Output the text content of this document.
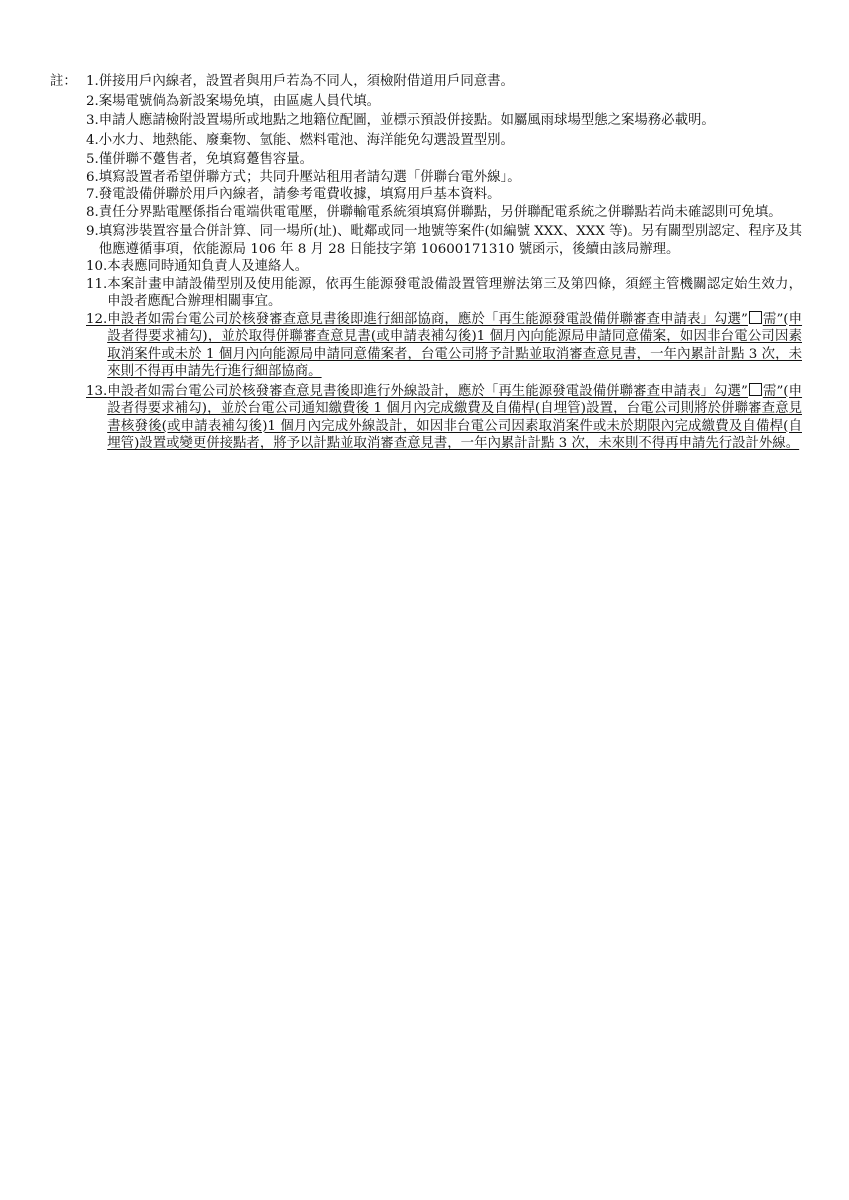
註： 1. 併接用戶內線者，設置者與用戶若為不同人，須檢附借道用戶同意書。
2. 案場電號倘為新設案場免填，由區處人員代填。
3. 申請人應請檢附設置場所或地點之地籍位配圖，並標示預設併接點。如屬風雨球場型態之案場務必載明。
4. 小水力、地熱能、廢棄物、氫能、燃料電池、海洋能免勾選設置型別。
5. 僅併聯不躉售者，免填寫躉售容量。
6. 填寫設置者希望併聯方式；共同升壓站租用者請勾選「併聯台電外線」。
7. 發電設備併聯於用戶內線者，請參考電費收據，填寫用戶基本資料。
8. 責任分界點電壓係指台電端供電電壓，併聯輸電系統須填寫併聯點，另併聯配電系統之併聯點若尚未確認則可免填。
9. 填寫涉裝置容量合併計算、同一場所(址)、毗鄰或同一地號等案件(如編號 XXX、XXX 等)。另有關型別認定、程序及其他應遵循事項，依能源局 106 年 8 月 28 日能技字第 10600171310 號函示，後續由該局辦理。
10. 本表應同時通知負責人及連絡人。
11. 本案計畫申請設備型別及使用能源，依再生能源發電設備設置管理辦法第三及第四條，須經主管機關認定始生效力，申設者應配合辦理相關事宜。
12. 申設者如需台電公司於核發審查意見書後即進行細部協商，應於「再生能源發電設備併聯審查申請表」勾選” 需”(申設者得要求補勾)，並於取得併聯審查意見書(或申請表補勾後)1 個月內向能源局申請同意備案，如因非台電公司因素取消案件或未於 1 個月內向能源局申請同意備案者，台電公司將予計點並取消審查意見書，一年內累計計點 3 次，未來則不得再申請先行進行細部協商。
13. 申設者如需台電公司於核發審查意見書後即進行外線設計，應於「再生能源發電設備併聯審查申請表」勾選” 需”(申設者得要求補勾)，並於台電公司通知繳費後 1 個月內完成繳費及自備桿(自埋管)設置，台電公司則將於併聯審查意見書核發後(或申請表補勾後)1 個月內完成外線設計，如因非台電公司因素取消案件或未於期限內完成繳費及自備桿(自埋管)設置或變更併接點者，將予以計點並取消審查意見書，一年內累計計點 3 次，未來則不得再申請先行設計外線。
